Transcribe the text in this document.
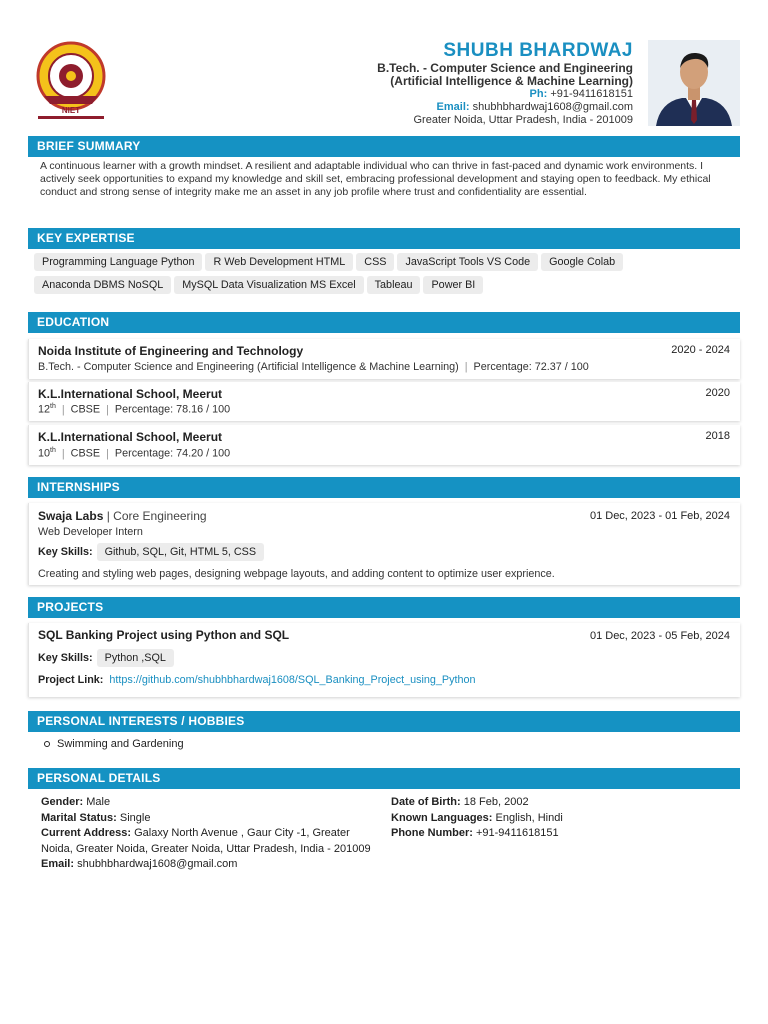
NIET
SHUBH BHARDWAJ
B.Tech. - Computer Science and Engineering
(Artificial Intelligence & Machine Learning)
Ph: +91-9411618151
Email: shubhbhardwaj1608@gmail.com
Greater Noida, Uttar Pradesh, India - 201009
BRIEF SUMMARY
A continuous learner with a growth mindset. A resilient and adaptable individual who can thrive in fast-paced and dynamic work environments. I actively seek opportunities to expand my knowledge and skill set, embracing professional development and staying open to feedback. My ethical conduct and strong sense of integrity make me an asset in any job profile where trust and confidentiality are essential.
KEY EXPERTISE
Programming Language Python R Web Development HTML CSS JavaScript Tools VS Code Google Colab
Anaconda DBMS NoSQL MySQL Data Visualization MS Excel Tableau Power BI
EDUCATION
Noida Institute of Engineering and Technology	2020 - 2024
B.Tech. - Computer Science and Engineering (Artificial Intelligence & Machine Learning) | Percentage: 72.37 / 100
K.L.International School, Meerut	2020
12th | CBSE | Percentage: 78.16 / 100
K.L.International School, Meerut	2018
10th | CBSE | Percentage: 74.20 / 100
INTERNSHIPS
Swaja Labs | Core Engineering	01 Dec, 2023 - 01 Feb, 2024
Web Developer Intern
Key Skills: Github, SQL, Git, HTML 5, CSS
Creating and styling web pages, designing webpage layouts, and adding content to optimize user exprience.
PROJECTS
SQL Banking Project using Python and SQL	01 Dec, 2023 - 05 Feb, 2024
Key Skills: Python ,SQL
Project Link: https://github.com/shubhbhardwaj1608/SQL_Banking_Project_using_Python
PERSONAL INTERESTS / HOBBIES
Swimming and Gardening
PERSONAL DETAILS
Gender: Male
Marital Status: Single
Current Address: Galaxy North Avenue , Gaur City -1, Greater Noida, Greater Noida, Greater Noida, Uttar Pradesh, India - 201009
Email: shubhbhardwaj1608@gmail.com
Date of Birth: 18 Feb, 2002
Known Languages: English, Hindi
Phone Number: +91-9411618151
